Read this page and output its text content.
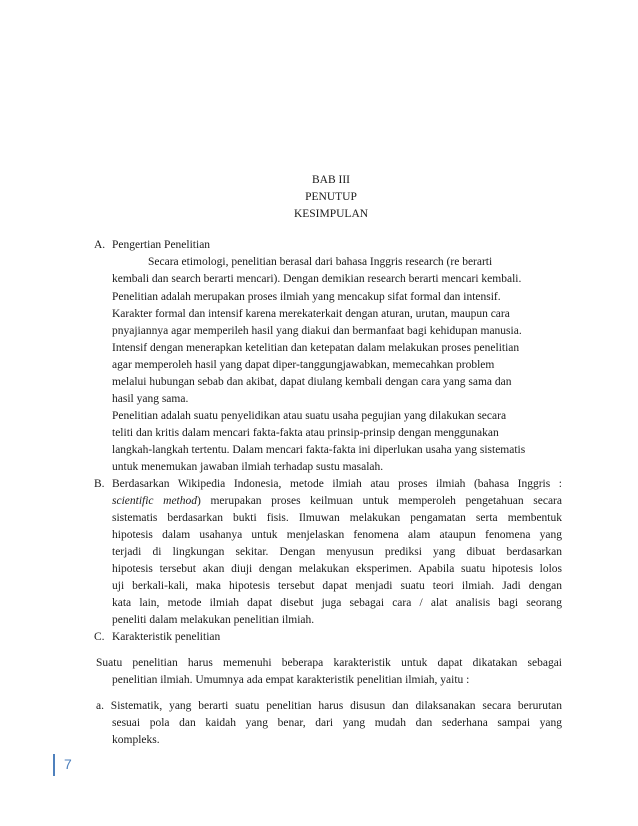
BAB III
PENUTUP
KESIMPULAN
A. Pengertian Penelitian
Secara etimologi, penelitian berasal dari bahasa Inggris research (re berarti
kembali dan search berarti mencari). Dengan demikian research berarti mencari kembali.
Penelitian adalah merupakan proses ilmiah yang mencakup sifat formal dan intensif.
Karakter formal dan intensif karena merekaterkait dengan aturan, urutan, maupun cara
pnyajiannya agar memperileh hasil yang diakui dan bermanfaat bagi kehidupan manusia.
Intensif dengan menerapkan ketelitian dan ketepatan dalam melakukan proses penelitian
agar memperoleh hasil yang dapat diper-tanggungjawabkan, memecahkan problem
melalui hubungan sebab dan akibat, dapat diulang kembali dengan cara yang sama dan
hasil yang sama.
Penelitian adalah suatu penyelidikan atau suatu usaha pegujian yang dilakukan secara
teliti dan kritis dalam mencari fakta-fakta atau prinsip-prinsip dengan menggunakan
langkah-langkah tertentu. Dalam mencari fakta-fakta ini diperlukan usaha yang sistematis
untuk menemukan jawaban ilmiah terhadap sustu masalah.
B. Berdasarkan Wikipedia Indonesia, metode ilmiah atau proses ilmiah (bahasa Inggris :
scientific method) merupakan proses keilmuan untuk memperoleh pengetahuan secara
sistematis berdasarkan bukti fisis. Ilmuwan melakukan pengamatan serta membentuk
hipotesis dalam usahanya untuk menjelaskan fenomena alam ataupun fenomena yang
terjadi di lingkungan sekitar. Dengan menyusun prediksi yang dibuat berdasarkan
hipotesis tersebut akan diuji dengan melakukan eksperimen. Apabila suatu hipotesis lolos
uji berkali-kali, maka hipotesis tersebut dapat menjadi suatu teori ilmiah. Jadi dengan
kata lain, metode ilmiah dapat disebut juga sebagai cara / alat analisis bagi seorang
peneliti dalam melakukan penelitian ilmiah.
C. Karakteristik penelitian
Suatu penelitian harus memenuhi beberapa karakteristik untuk dapat dikatakan sebagai
penelitian ilmiah. Umumnya ada empat karakteristik penelitian ilmiah, yaitu :
a. Sistematik, yang berarti suatu penelitian harus disusun dan dilaksanakan secara berurutan
sesuai pola dan kaidah yang benar, dari yang mudah dan sederhana sampai yang
kompleks.
7
